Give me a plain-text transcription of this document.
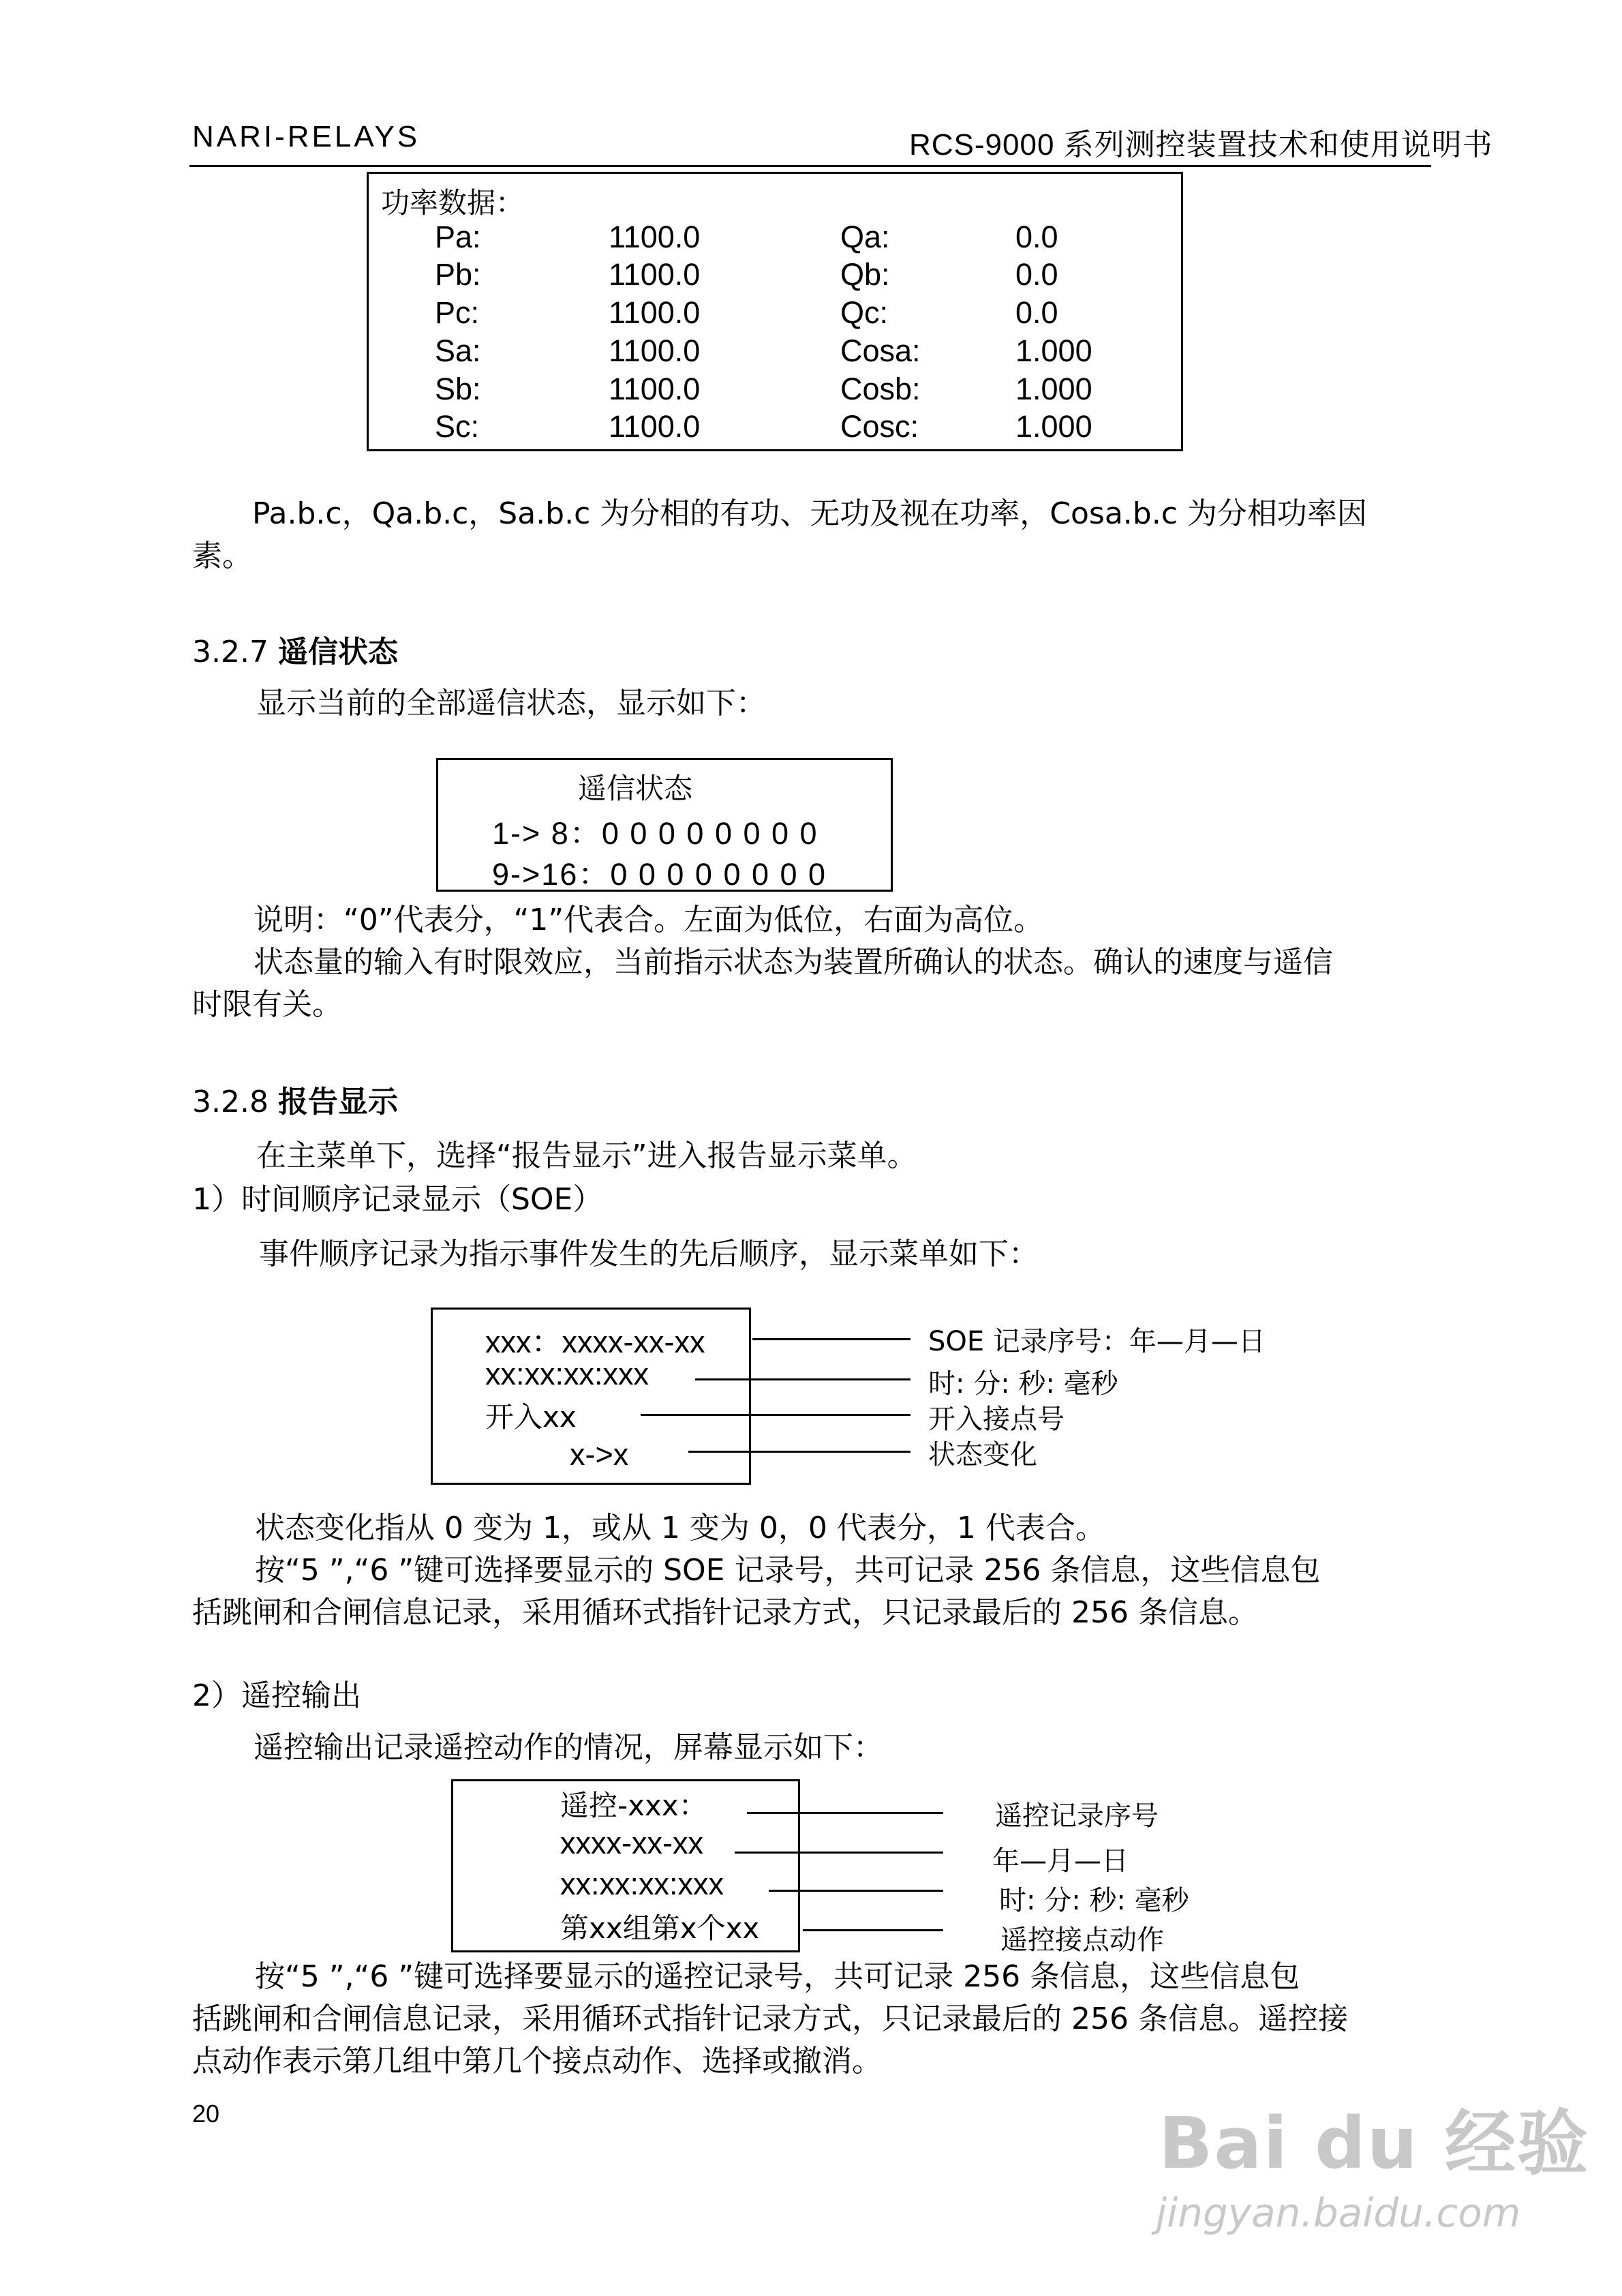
NARI-RELAYS	RCS-9000 系列测控装置技术和使用说明书
功率数据：
Pa:	1100.0	Qa:	0.0
Pb:	1100.0	Qb:	0.0
Pc:	1100.0	Qc:	0.0
Sa:	1100.0	Cosa:	1.000
Sb:	1100.0	Cosb:	1.000
Sc:	1100.0	Cosc:	1.000
Pa.b.c，Qa.b.c，Sa.b.c 为分相的有功、无功及视在功率，Cosa.b.c 为分相功率因
素。
3.2.7 遥信状态
显示当前的全部遥信状态，显示如下：
遥信状态
1-> 8：0 0 0 0 0 0 0 0
9->16：0 0 0 0 0 0 0 0
说明：“0”代表分，“1”代表合。左面为低位，右面为高位。
状态量的输入有时限效应，当前指示状态为装置所确认的状态。确认的速度与遥信
时限有关。
3.2.8 报告显示
在主菜单下，选择“报告显示”进入报告显示菜单。
1）时间顺序记录显示（SOE）
事件顺序记录为指示事件发生的先后顺序，显示菜单如下：
xxx：xxxx-xx-xx
xx:xx:xx:xxx
开入xx
x->x
SOE 记录序号：年—月—日
时: 分: 秒: 毫秒
开入接点号
状态变化
状态变化指从 0 变为 1，或从 1 变为 0，0 代表分，1 代表合。
按“5 ”,“6 ”键可选择要显示的 SOE 记录号，共可记录 256 条信息，这些信息包
括跳闸和合闸信息记录，采用循环式指针记录方式，只记录最后的 256 条信息。
2）遥控输出
遥控输出记录遥控动作的情况，屏幕显示如下：
遥控-xxx：
xxxx-xx-xx
xx:xx:xx:xxx
第xx组第x个xx
遥控记录序号
年—月—日
时: 分: 秒: 毫秒
遥控接点动作
按“5 ”,“6 ”键可选择要显示的遥控记录号，共可记录 256 条信息，这些信息包
括跳闸和合闸信息记录，采用循环式指针记录方式，只记录最后的 256 条信息。遥控接
点动作表示第几组中第几个接点动作、选择或撤消。
20	Bai du 经验
jingyan.baidu.com
